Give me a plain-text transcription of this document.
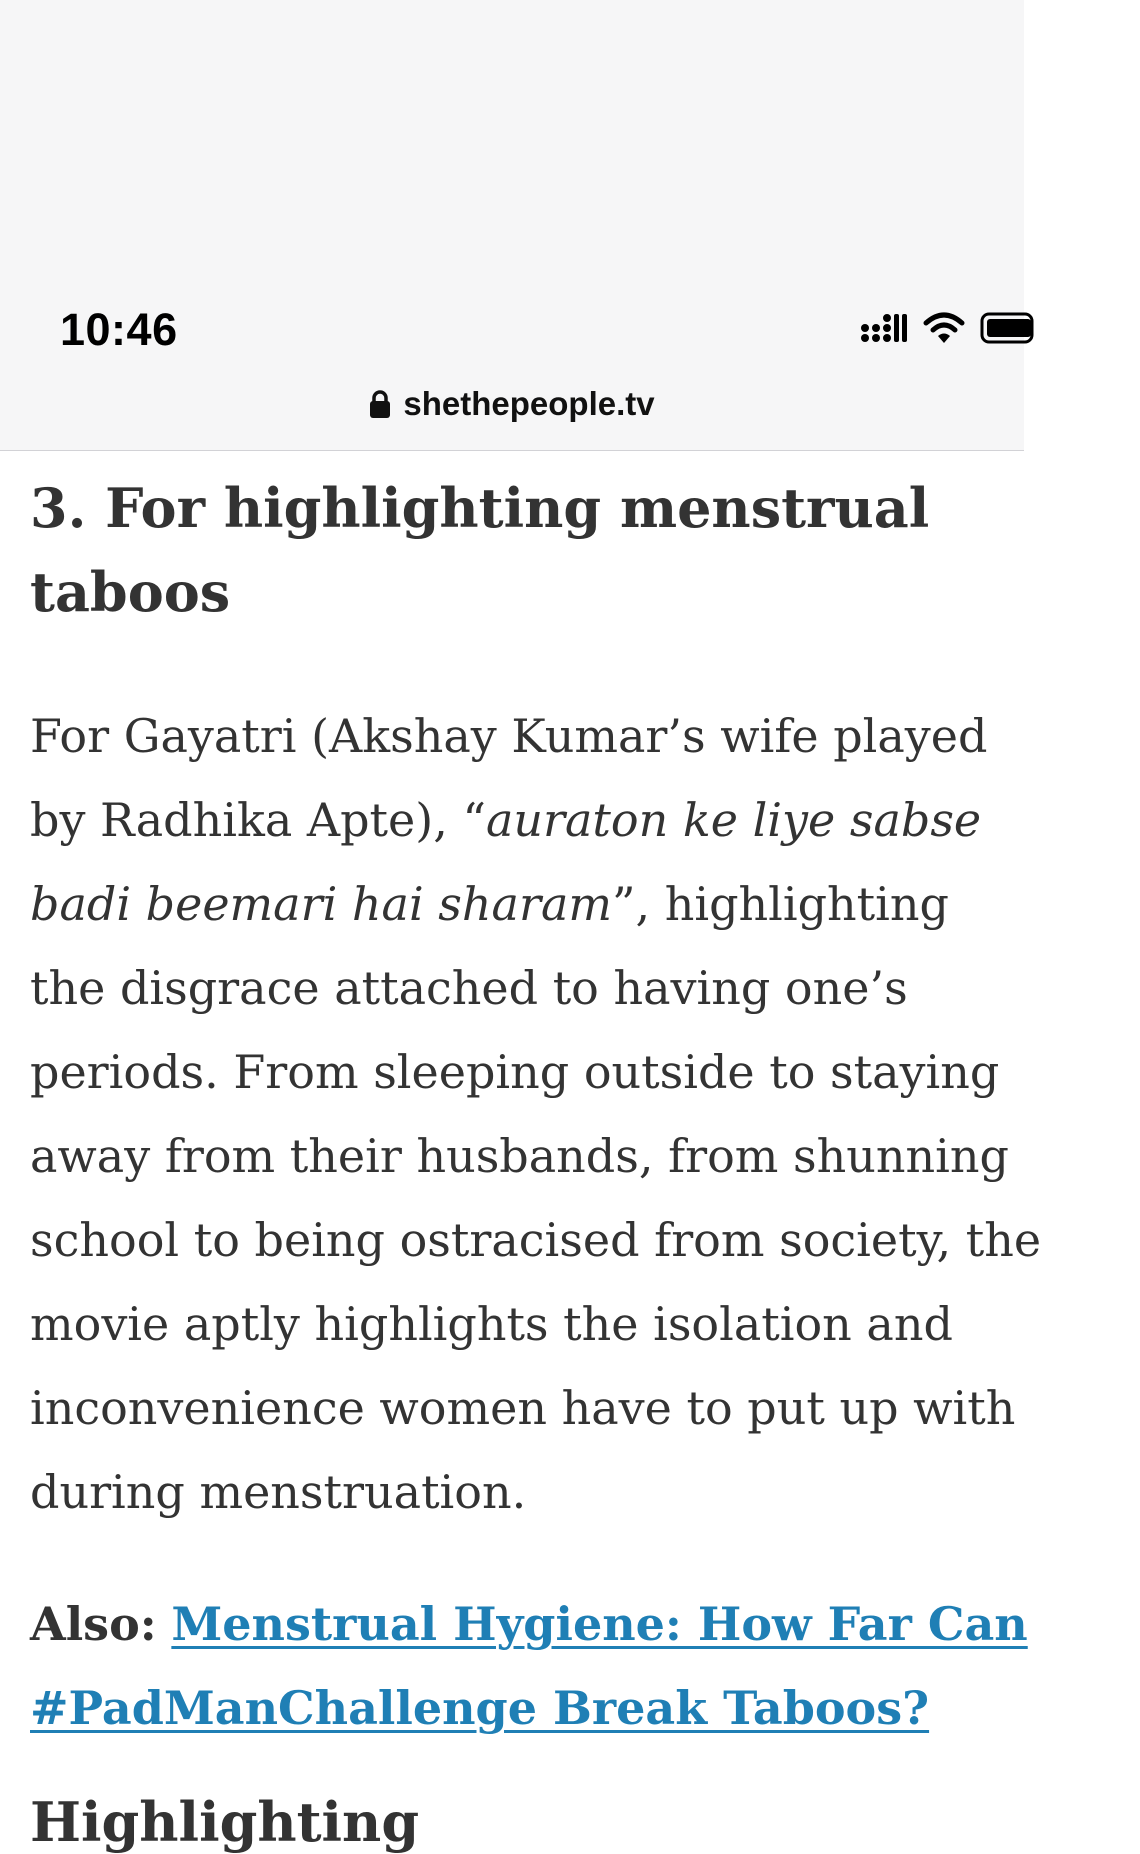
10:46
shethepeople.tv
3. For highlighting menstrual taboos

For Gayatri (Akshay Kumar’s wife played
by Radhika Apte), “auraton ke liye sabse
badi beemari hai sharam”, highlighting
the disgrace attached to having one’s
periods. From sleeping outside to staying
away from their husbands, from shunning
school to being ostracised from society, the
movie aptly highlights the isolation and
inconvenience women have to put up with
during menstruation.

Also: Menstrual Hygiene: How Far Can
#PadManChallenge Break Taboos?
Highlighting
